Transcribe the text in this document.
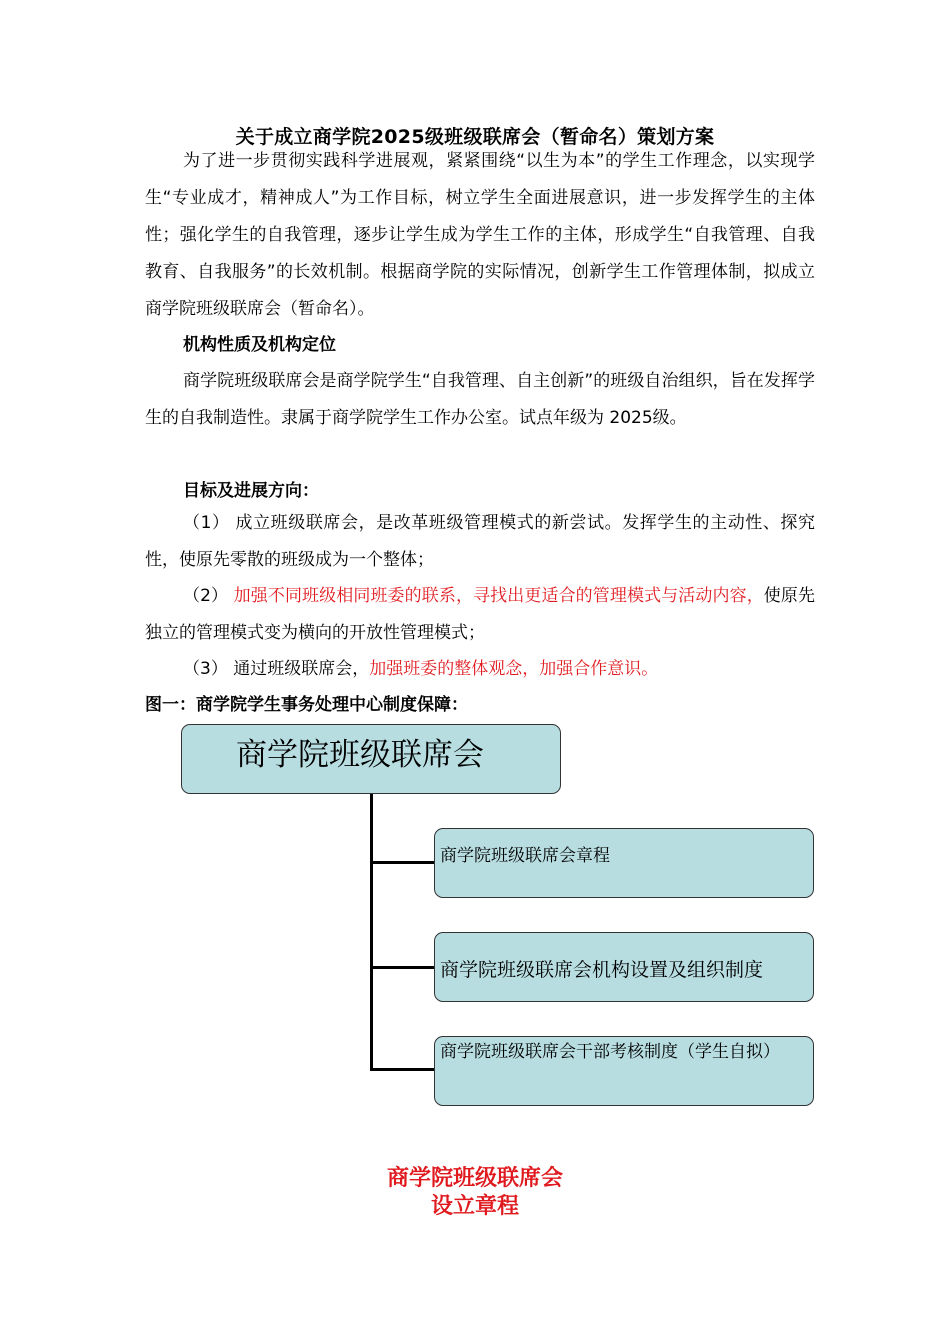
关于成立商学院2025级班级联席会（暂命名）策划方案
为了进一步贯彻实践科学进展观，紧紧围绕“以生为本”的学生工作理念，以实现学生“专业成才，精神成人”为工作目标，树立学生全面进展意识，进一步发挥学生的主体性；强化学生的自我管理，逐步让学生成为学生工作的主体，形成学生“自我管理、自我教育、自我服务”的长效机制。根据商学院的实际情况，创新学生工作管理体制，拟成立商学院班级联席会（暂命名）。
机构性质及机构定位
商学院班级联席会是商学院学生“自我管理、自主创新”的班级自治组织，旨在发挥学生的自我制造性。隶属于商学院学生工作办公室。试点年级为 2025级。
目标及进展方向：
（1） 成立班级联席会，是改革班级管理模式的新尝试。发挥学生的主动性、探究性，使原先零散的班级成为一个整体；
（2） 加强不同班级相同班委的联系，寻找出更适合的管理模式与活动内容，使原先独立的管理模式变为横向的开放性管理模式；
（3） 通过班级联席会，加强班委的整体观念，加强合作意识。
图一：商学院学生事务处理中心制度保障：
商学院班级联席会
商学院班级联席会章程
商学院班级联席会机构设置及组织制度
商学院班级联席会干部考核制度（学生自拟）
商学院班级联席会
设立章程
